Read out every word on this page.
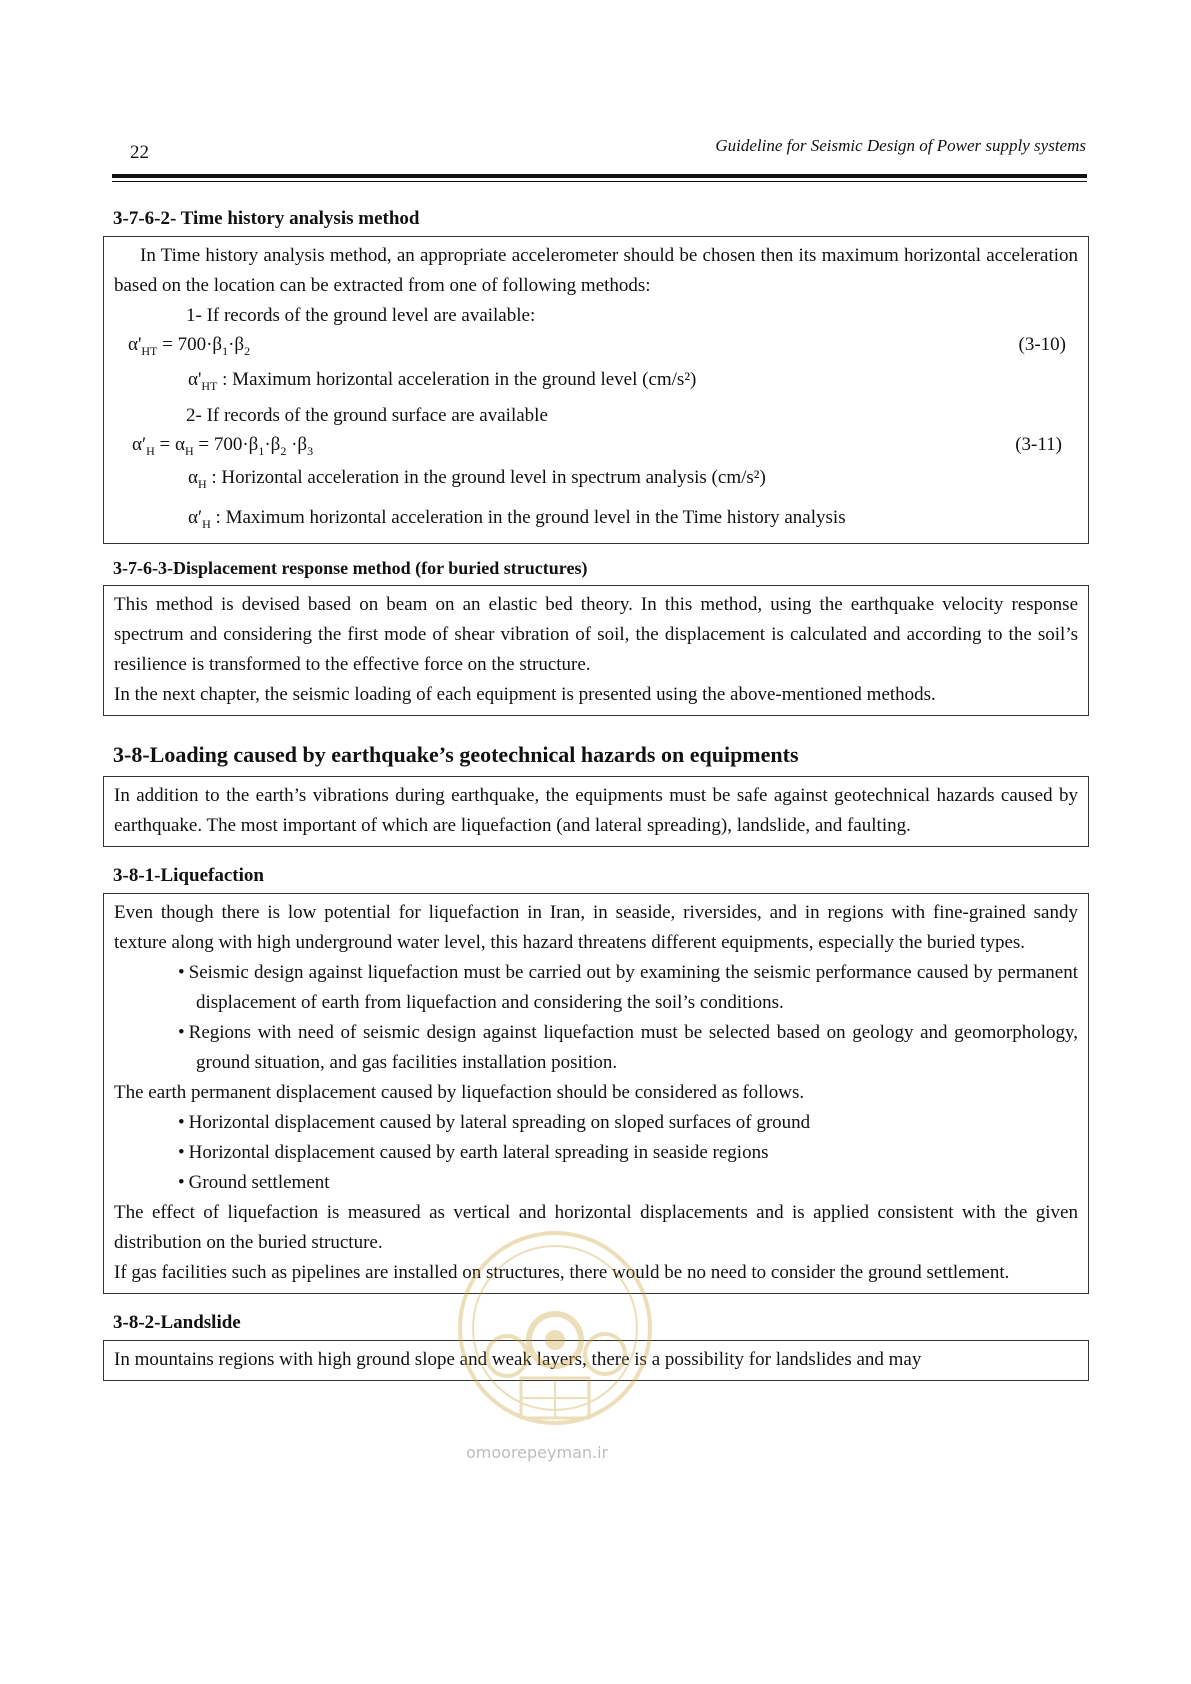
22	Guideline for Seismic Design of Power supply systems
3-7-6-2- Time history analysis method
In Time history analysis method, an appropriate accelerometer should be chosen then its maximum horizontal acceleration based on the location can be extracted from one of following methods:
1- If records of the ground level are available:
$\alpha'_{HT} = 700\cdot\beta_1\cdot\beta_2$	(3-10)
$\alpha'_{HT}$ : Maximum horizontal acceleration in the ground level (cm/s²)
2- If records of the ground surface are available
$\alpha'_H = \alpha_H = 700\cdot\beta_1\cdot\beta_2 \cdot\beta_3$	(3-11)
$\alpha_H$ : Horizontal acceleration in the ground level in spectrum analysis (cm/s²)
$\alpha'_H$ : Maximum horizontal acceleration in the ground level in the Time history analysis
3-7-6-3-Displacement response method (for buried structures)
This method is devised based on beam on an elastic bed theory. In this method, using the earthquake velocity response spectrum and considering the first mode of shear vibration of soil, the displacement is calculated and according to the soil’s resilience is transformed to the effective force on the structure.
In the next chapter, the seismic loading of each equipment is presented using the above-mentioned methods.
3-8-Loading caused by earthquake’s geotechnical hazards on equipments
In addition to the earth’s vibrations during earthquake, the equipments must be safe against geotechnical hazards caused by earthquake. The most important of which are liquefaction (and lateral spreading), landslide, and faulting.
3-8-1-Liquefaction
Even though there is low potential for liquefaction in Iran, in seaside, riversides, and in regions with fine-grained sandy texture along with high underground water level, this hazard threatens different equipments, especially the buried types.
• Seismic design against liquefaction must be carried out by examining the seismic performance caused by permanent displacement of earth from liquefaction and considering the soil’s conditions.
• Regions with need of seismic design against liquefaction must be selected based on geology and geomorphology, ground situation, and gas facilities installation position.
The earth permanent displacement caused by liquefaction should be considered as follows.
• Horizontal displacement caused by lateral spreading on sloped surfaces of ground
• Horizontal displacement caused by earth lateral spreading in seaside regions
• Ground settlement
The effect of liquefaction is measured as vertical and horizontal displacements and is applied consistent with the given distribution on the buried structure.
If gas facilities such as pipelines are installed on structures, there would be no need to consider the ground settlement.
3-8-2-Landslide
In mountains regions with high ground slope and weak layers, there is a possibility for landslides and may
omoorepeyman.ir
